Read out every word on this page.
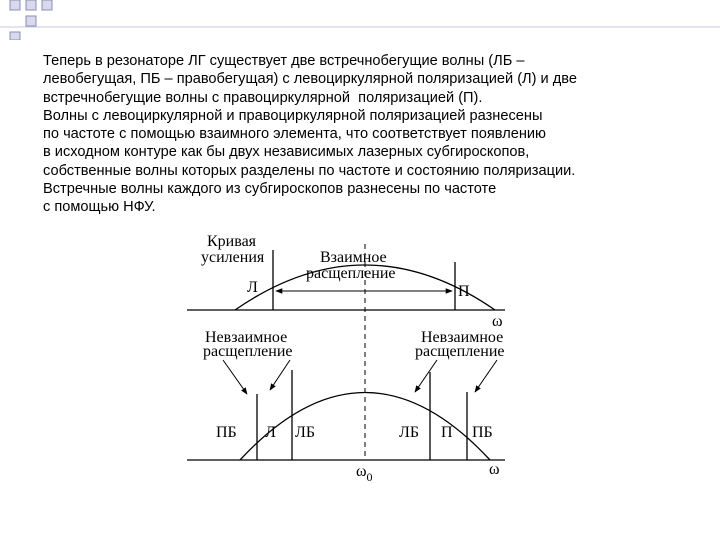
Теперь в резонаторе ЛГ существует две встречнобегущие волны (ЛБ –
левобегущая, ПБ – правобегущая) с левоциркулярной поляризацией (Л) и две
встречнобегущие волны с правоциркулярной  поляризацией (П).
Волны с левоциркулярной и правоциркулярной поляризацией разнесены
по частоте с помощью взаимного элемента, что соответствует появлению
в исходном контуре как бы двух независимых лазерных субгироскопов,
собственные волны которых разделены по частоте и состоянию поляризации.
Встречные волны каждого из субгироскопов разнесены по частоте
с помощью НФУ.
Кривая
усиления	Взаимное
расщепление
Л	П
ω
Невзаимное
расщепление
Невзаимное
расщепление
ПБ Л ЛБ	ЛБ П ПБ
$\omega_0$	ω
